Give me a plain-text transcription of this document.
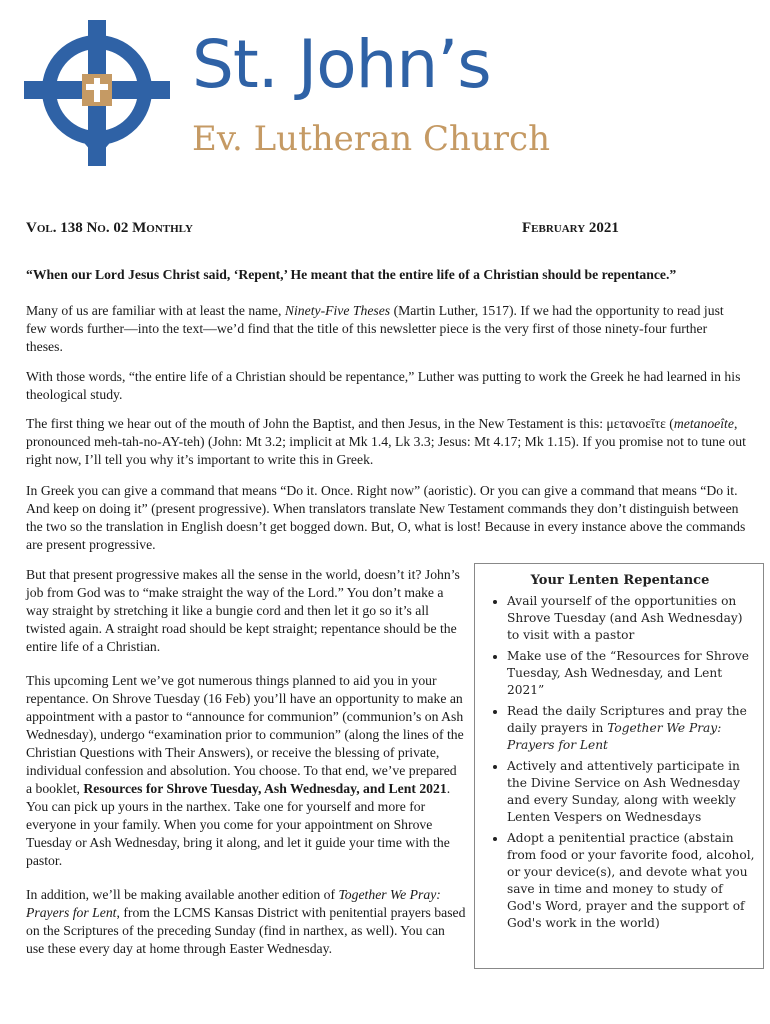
St. John’s
Ev. Lutheran Church
Vol. 138 No. 02 Monthly	February 2021
“When our Lord Jesus Christ said, ‘Repent,’ He meant that the entire life of a Christian should be repentance.”

Many of us are familiar with at least the name, Ninety-Five Theses (Martin Luther, 1517). If we had the opportunity to read just few words further—into the text—we’d find that the title of this newsletter piece is the very first of those ninety-four further theses.

With those words, “the entire life of a Christian should be repentance,” Luther was putting to work the Greek he had learned in his theological study.

The first thing we hear out of the mouth of John the Baptist, and then Jesus, in the New Testament is this: μετανοεῖτε (metanoeîte, pronounced meh-tah-no-AY-teh) (John: Mt 3.2; implicit at Mk 1.4, Lk 3.3; Jesus: Mt 4.17; Mk 1.15). If you promise not to tune out right now, I’ll tell you why it’s important to write this in Greek.

In Greek you can give a command that means “Do it. Once. Right now” (aoristic). Or you can give a command that means “Do it. And keep on doing it” (present progressive). When translators translate New Testament commands they don’t distinguish between the two so the translation in English doesn’t get bogged down. But, O, what is lost! Because in every instance above the commands are present progressive.

But that present progressive makes all the sense in the world, doesn’t it? John’s job from God was to “make straight the way of the Lord.” You don’t make a way straight by stretching it like a bungie cord and then let it go so it’s all twisted again. A straight road should be kept straight; repentance should be the entire life of a Christian.

This upcoming Lent we’ve got numerous things planned to aid you in your repentance. On Shrove Tuesday (16 Feb) you’ll have an opportunity to make an appointment with a pastor to “announce for communion” (communion’s on Ash Wednesday), undergo “examination prior to communion” (along the lines of the Christian Questions with Their Answers), or receive the blessing of private, individual confession and absolution. You choose. To that end, we’ve prepared a booklet, Resources for Shrove Tuesday, Ash Wednesday, and Lent 2021. You can pick up yours in the narthex. Take one for yourself and more for everyone in your family. When you come for your appointment on Shrove Tuesday or Ash Wednesday, bring it along, and let it guide your time with the pastor.

In addition, we’ll be making available another edition of Together We Pray: Prayers for Lent, from the LCMS Kansas District with penitential prayers based on the Scriptures of the preceding Sunday (find in narthex, as well). You can use these every day at home through Easter Wednesday.

Your Lenten Repentance
• Avail yourself of the opportunities on Shrove Tuesday (and Ash Wednesday) to visit with a pastor
• Make use of the “Resources for Shrove Tuesday, Ash Wednesday, and Lent 2021”
• Read the daily Scriptures and pray the daily prayers in Together We Pray: Prayers for Lent
• Actively and attentively participate in the Divine Service on Ash Wednesday and every Sunday, along with weekly Lenten Vespers on Wednesdays
• Adopt a penitential practice (abstain from food or your favorite food, alcohol, or your device(s), and devote what you save in time and money to study of God's Word, prayer and the support of God's work in the world)
